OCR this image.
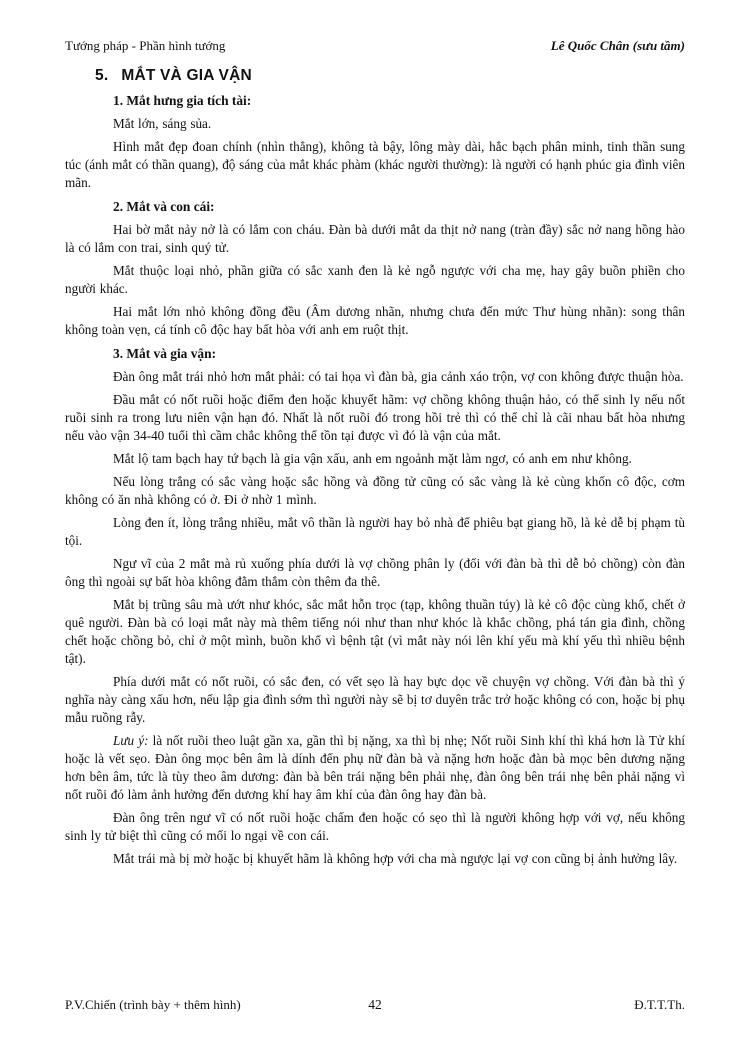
Tướng pháp - Phần hình tướng	Lê Quốc Chân (sưu tầm)
5. MẮT VÀ GIA VẬN
1. Mắt hưng gia tích tài:

Mắt lớn, sáng sủa.

Hình mắt đẹp đoan chính (nhìn thẳng), không tà bậy, lông mày dài, hắc bạch phân minh, tinh thần sung túc (ánh mắt có thần quang), độ sáng của mắt khác phàm (khác người thường): là người có hạnh phúc gia đình viên mãn.

2. Mắt và con cái:

Hai bờ mắt nảy nở là có lắm con cháu. Đàn bà dưới mắt da thịt nở nang (tràn đầy) sắc nở nang hồng hào là có lắm con trai, sinh quý tử.

Mắt thuộc loại nhỏ, phần giữa có sắc xanh đen là kẻ ngỗ ngược với cha mẹ, hay gây buồn phiền cho người khác.

Hai mắt lớn nhỏ không đồng đều (Âm dương nhãn, nhưng chưa đến mức Thư hùng nhãn): song thân không toàn vẹn, cá tính cô độc hay bất hòa với anh em ruột thịt.

3. Mắt và gia vận:

Đàn ông mắt trái nhỏ hơn mắt phải: có tai họa vì đàn bà, gia cảnh xáo trộn, vợ con không được thuận hòa.

Đầu mắt có nốt ruồi hoặc điểm đen hoặc khuyết hãm: vợ chồng không thuận hảo, có thể sinh ly nếu nốt ruồi sinh ra trong lưu niên vận hạn đó. Nhất là nốt ruồi đó trong hồi trẻ thì có thể chỉ là cãi nhau bất hòa nhưng nếu vào vận 34-40 tuổi thì cầm chắc không thể tồn tại được vì đó là vận của mắt.

Mắt lộ tam bạch hay tứ bạch là gia vận xấu, anh em ngoảnh mặt làm ngơ, có anh em như không.

Nếu lòng trắng có sắc vàng hoặc sắc hồng và đồng tử cũng có sắc vàng là kẻ cùng khốn cô độc, cơm không có ăn nhà không có ở. Đi ở nhờ 1 mình.

Lòng đen ít, lòng trắng nhiều, mắt vô thần là người hay bỏ nhà để phiêu bạt giang hồ, là kẻ dễ bị phạm tù tội.

Ngư vĩ của 2 mắt mà rủ xuống phía dưới là vợ chồng phân ly (đối với đàn bà thì dễ bỏ chồng) còn đàn ông thì ngoài sự bất hòa không đằm thắm còn thêm đa thê.

Mắt bị trũng sâu mà ướt như khóc, sắc mắt hỗn trọc (tạp, không thuần túy) là kẻ cô độc cùng khổ, chết ở quê người. Đàn bà có loại mắt này mà thêm tiếng nói như than như khóc là khắc chồng, phá tán gia đình, chồng chết hoặc chồng bỏ, chỉ ở một mình, buồn khổ vì bệnh tật (vì mắt này nói lên khí yếu mà khí yếu thì nhiều bệnh tật).

Phía dưới mắt có nốt ruồi, có sắc đen, có vết sẹo là hay bực dọc về chuyện vợ chồng. Với đàn bà thì ý nghĩa này càng xấu hơn, nếu lập gia đình sớm thì người này sẽ bị tơ duyên trắc trở hoặc không có con, hoặc bị phụ mẫu ruồng rẫy.

Lưu ý: là nốt ruồi theo luật gần xa, gần thì bị nặng, xa thì bị nhẹ; Nốt ruồi Sinh khí thì khá hơn là Tử khí hoặc là vết sẹo. Đàn ông mọc bên âm là dính đến phụ nữ đàn bà và nặng hơn hoặc đàn bà mọc bên dương nặng hơn bên âm, tức là tùy theo âm dương: đàn bà bên trái nặng bên phải nhẹ, đàn ông bên trái nhẹ bên phải nặng vì nốt ruồi đó làm ảnh hưởng đến dương khí hay âm khí của đàn ông hay đàn bà.

Đàn ông trên ngư vĩ có nốt ruồi hoặc chấm đen hoặc có sẹo thì là người không hợp với vợ, nếu không sinh ly tử biệt thì cũng có mối lo ngại về con cái.

Mắt trái mà bị mờ hoặc bị khuyết hãm là không hợp với cha mà ngược lại vợ con cũng bị ảnh hưởng lây.

P.V.Chiến (trình bày + thêm hình)	42	Đ.T.T.Th.
